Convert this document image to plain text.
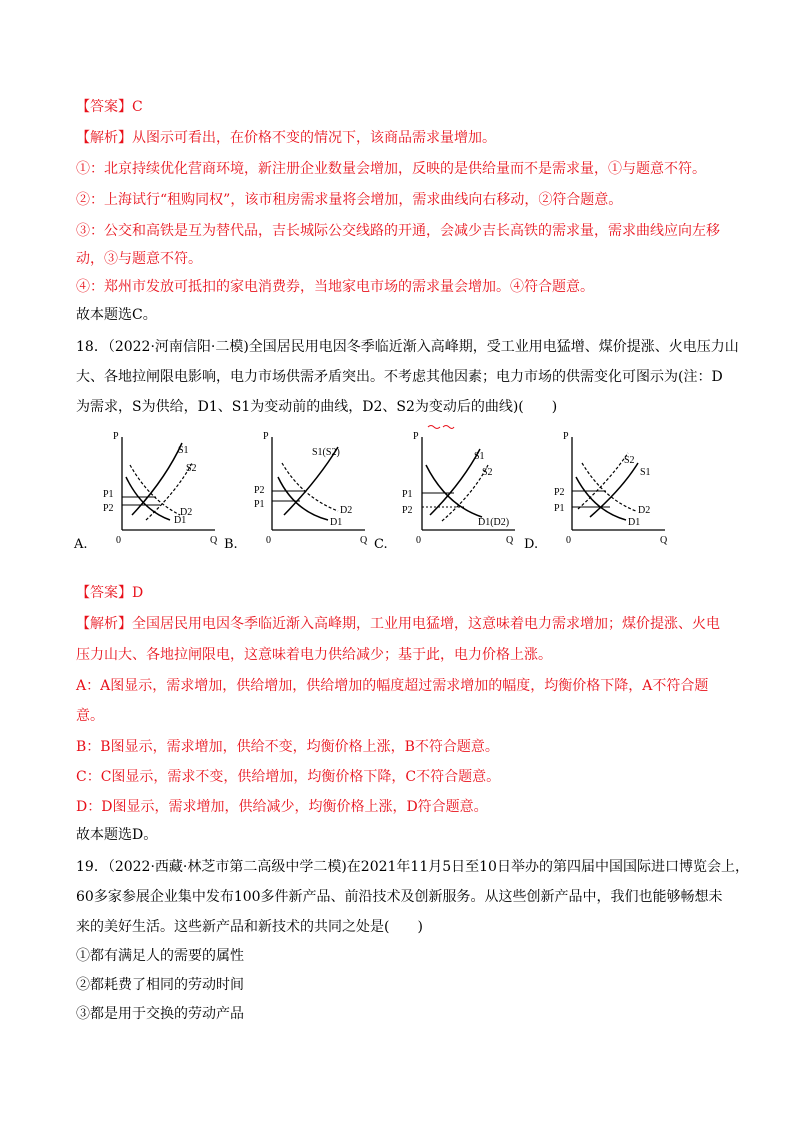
【答案】C
【解析】从图示可看出，在价格不变的情况下，该商品需求量增加。
①：北京持续优化营商环境，新注册企业数量会增加，反映的是供给量而不是需求量，①与题意不符。
②：上海试行“租购同权”，该市租房需求量将会增加，需求曲线向右移动，②符合题意。
③：公交和高铁是互为替代品，吉长城际公交线路的开通，会减少吉长高铁的需求量，需求曲线应向左移
动，③与题意不符。
④：郑州市发放可抵扣的家电消费券，当地家电市场的需求量会增加。④符合题意。
故本题选C。
18．（2022·河南信阳·二模)全国居民用电因冬季临近渐入高峰期，受工业用电猛增、煤价提涨、火电压力山
大、各地拉闸限电影响，电力市场供需矛盾突出。不考虑其他因素；电力市场的供需变化可图示为(注：D
为需求，S为供给，D1、S1为变动前的曲线，D2、S2为变动后的曲线)(　　)
P
Q
0
P1
P2
S1
S2
D2
D1
A.
P
Q
0
P2
P1
S1(S2)
D2
D1
B.
P
Q
0
P1
P2
S1
S2
D1(D2)
C.
P
Q
0
P2
P1
S2
S1
D2
D1
D.
【答案】D
【解析】全国居民用电因冬季临近渐入高峰期，工业用电猛增，这意味着电力需求增加；煤价提涨、火电
压力山大、各地拉闸限电，这意味着电力供给减少；基于此，电力价格上涨。
A：A图显示，需求增加，供给增加，供给增加的幅度超过需求增加的幅度，均衡价格下降，A不符合题
意。
B：B图显示，需求增加，供给不变，均衡价格上涨，B不符合题意。
C：C图显示，需求不变，供给增加，均衡价格下降，C不符合题意。
D：D图显示，需求增加，供给减少，均衡价格上涨，D符合题意。
故本题选D。
19．（2022·西藏·林芝市第二高级中学二模)在2021年11月5日至10日举办的第四届中国国际进口博览会上，
60多家参展企业集中发布100多件新产品、前沿技术及创新服务。从这些创新产品中，我们也能够畅想未
来的美好生活。这些新产品和新技术的共同之处是(　　)
①都有满足人的需要的属性
②都耗费了相同的劳动时间
③都是用于交换的劳动产品
